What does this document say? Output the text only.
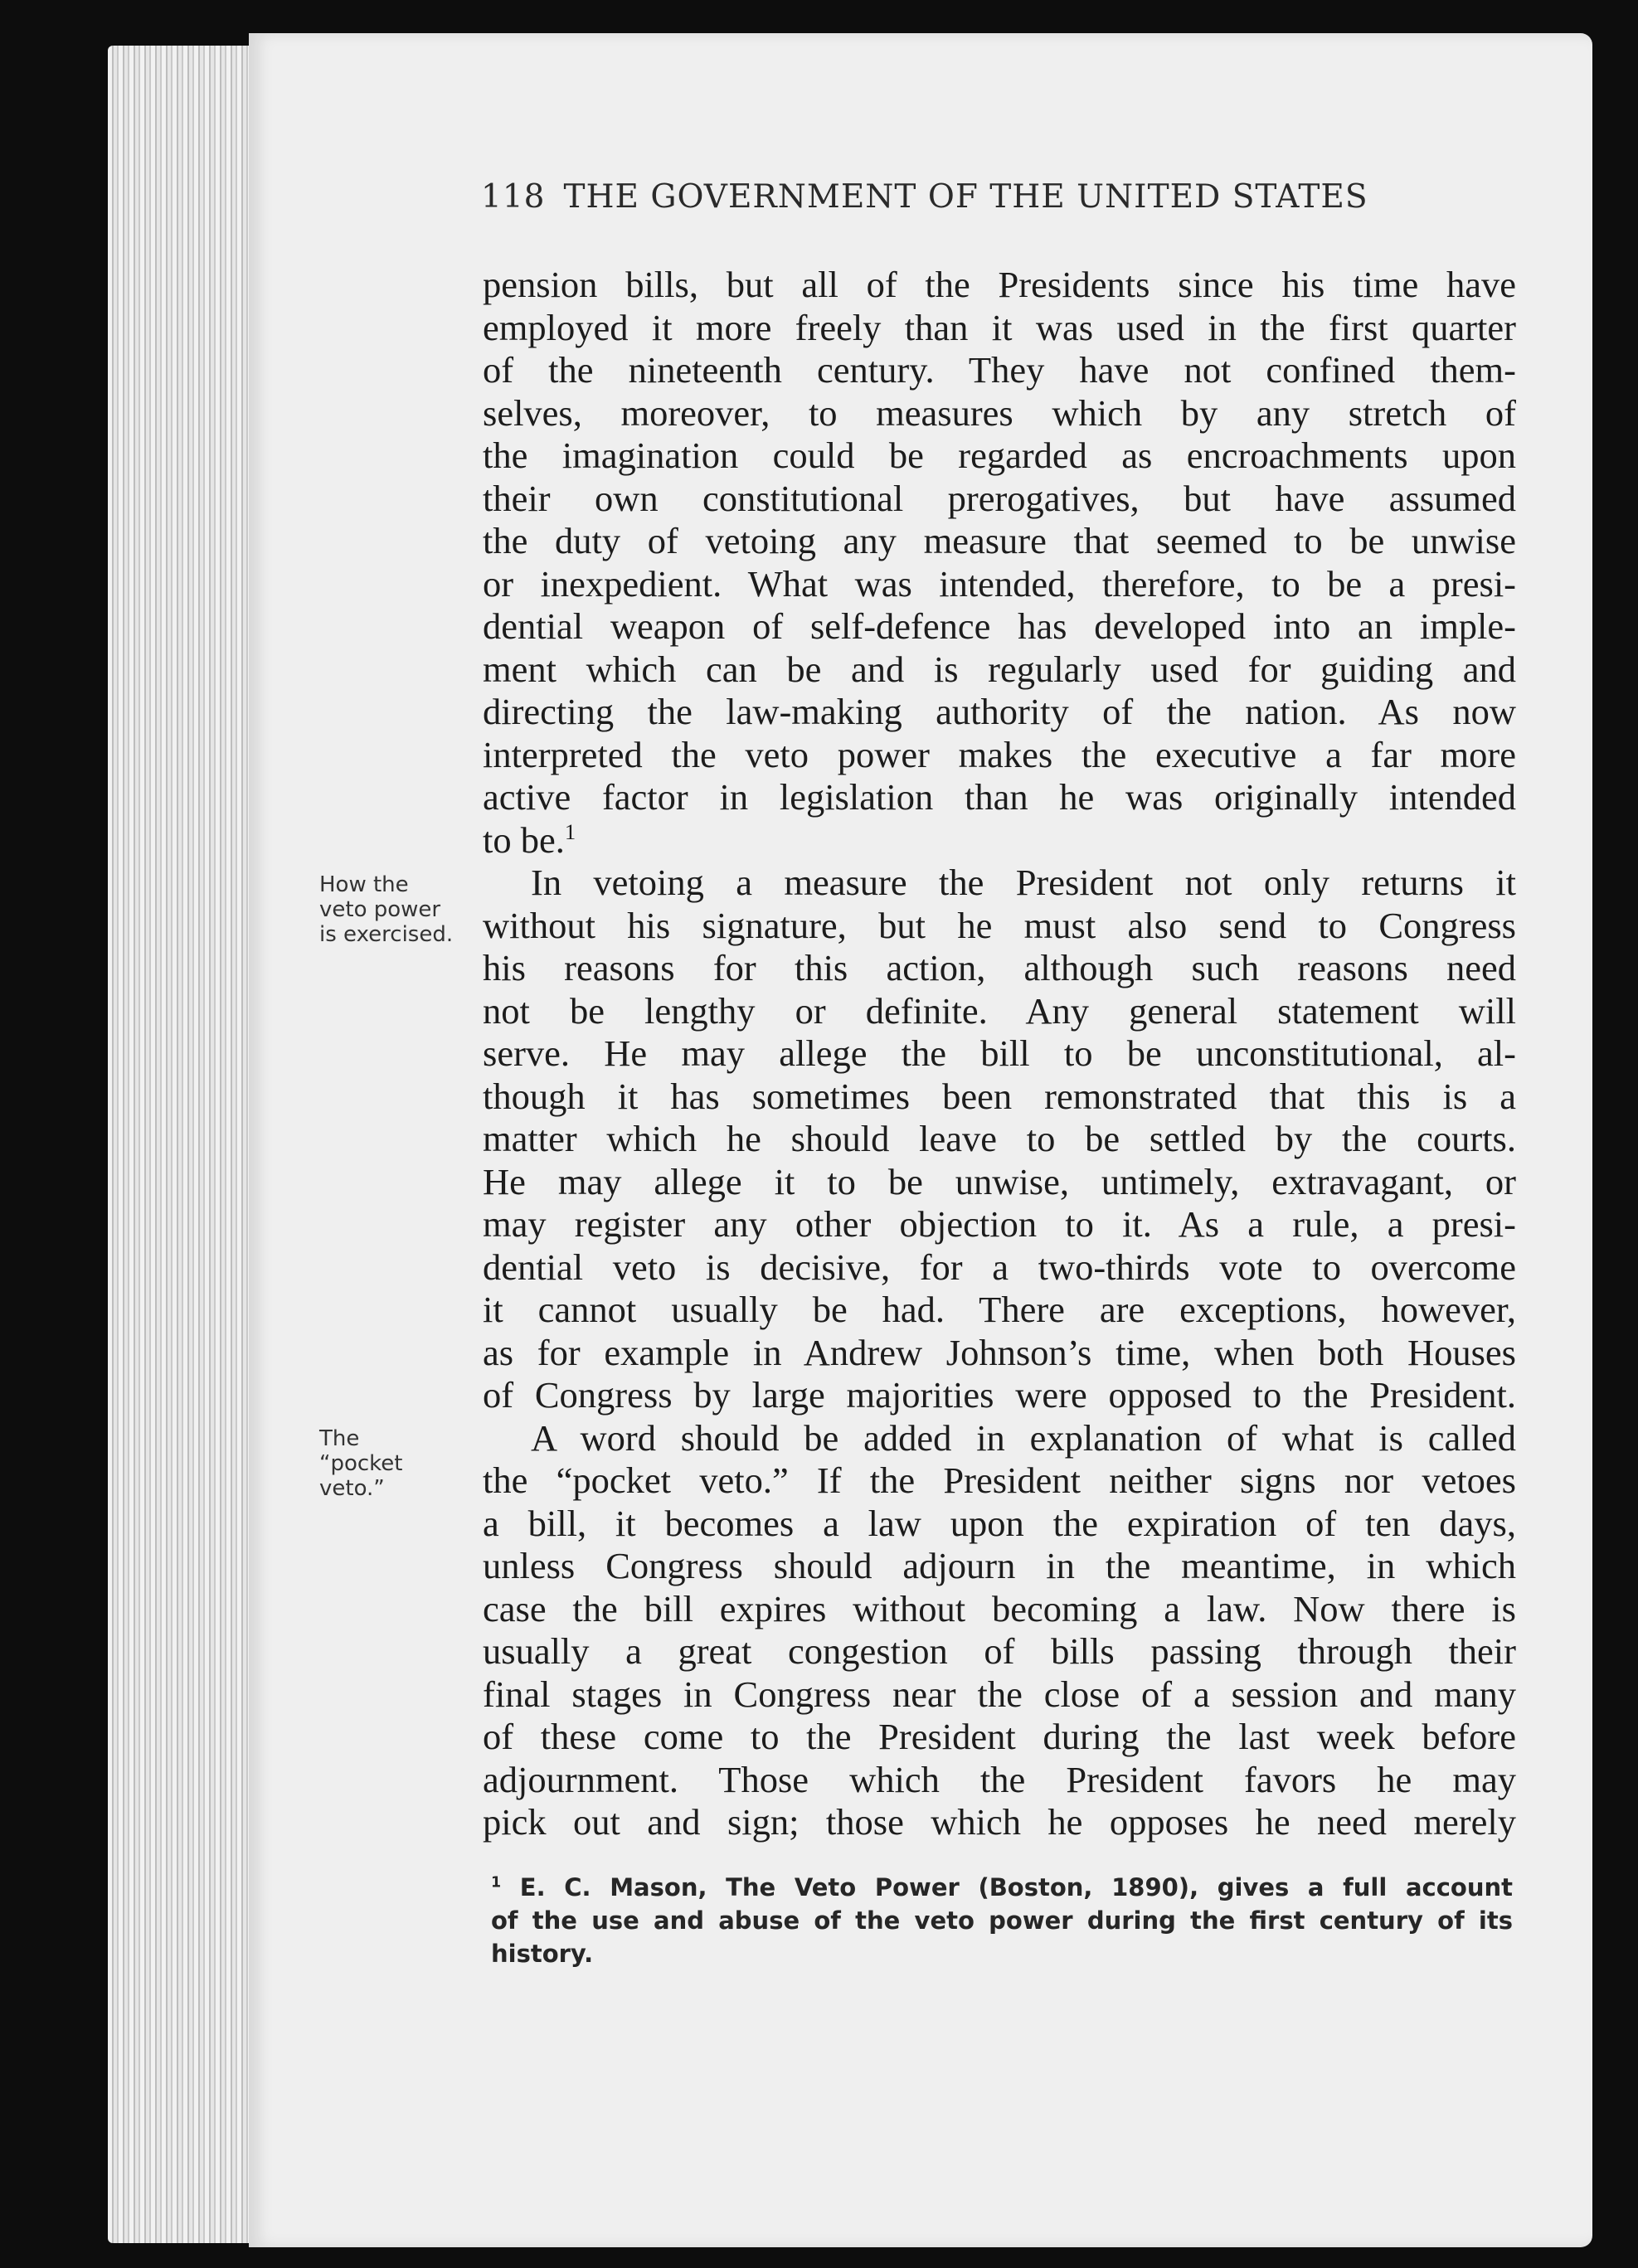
118 THE GOVERNMENT OF THE UNITED STATES

pension bills, but all of the Presidents since his time have
employed it more freely than it was used in the first quarter
of the nineteenth century. They have not confined them-
selves, moreover, to measures which by any stretch of
the imagination could be regarded as encroachments upon
their own constitutional prerogatives, but have assumed
the duty of vetoing any measure that seemed to be unwise
or inexpedient. What was intended, therefore, to be a presi-
dential weapon of self-defence has developed into an imple-
ment which can be and is regularly used for guiding and
directing the law-making authority of the nation. As now
interpreted the veto power makes the executive a far more
active factor in legislation than he was originally intended
to be.$^1$

In vetoing a measure the President not only returns it
without his signature, but he must also send to Congress
his reasons for this action, although such reasons need
not be lengthy or definite. Any general statement will
serve. He may allege the bill to be unconstitutional, al-
though it has sometimes been remonstrated that this is a
matter which he should leave to be settled by the courts.
He may allege it to be unwise, untimely, extravagant, or
may register any other objection to it. As a rule, a presi-
dential veto is decisive, for a two-thirds vote to overcome
it cannot usually be had. There are exceptions, however,
as for example in Andrew Johnson’s time, when both Houses
of Congress by large majorities were opposed to the President.

A word should be added in explanation of what is called
the “pocket veto.” If the President neither signs nor vetoes
a bill, it becomes a law upon the expiration of ten days,
unless Congress should adjourn in the meantime, in which
case the bill expires without becoming a law. Now there is
usually a great congestion of bills passing through their
final stages in Congress near the close of a session and many
of these come to the President during the last week before
adjournment. Those which the President favors he may
pick out and sign; those which he opposes he need merely

How the
veto power
is exercised.
The
“pocket
veto.”
$^1$ E. C. Mason, The Veto Power (Boston, 1890), gives a full account
of the use and abuse of the veto power during the first century of its
history.
